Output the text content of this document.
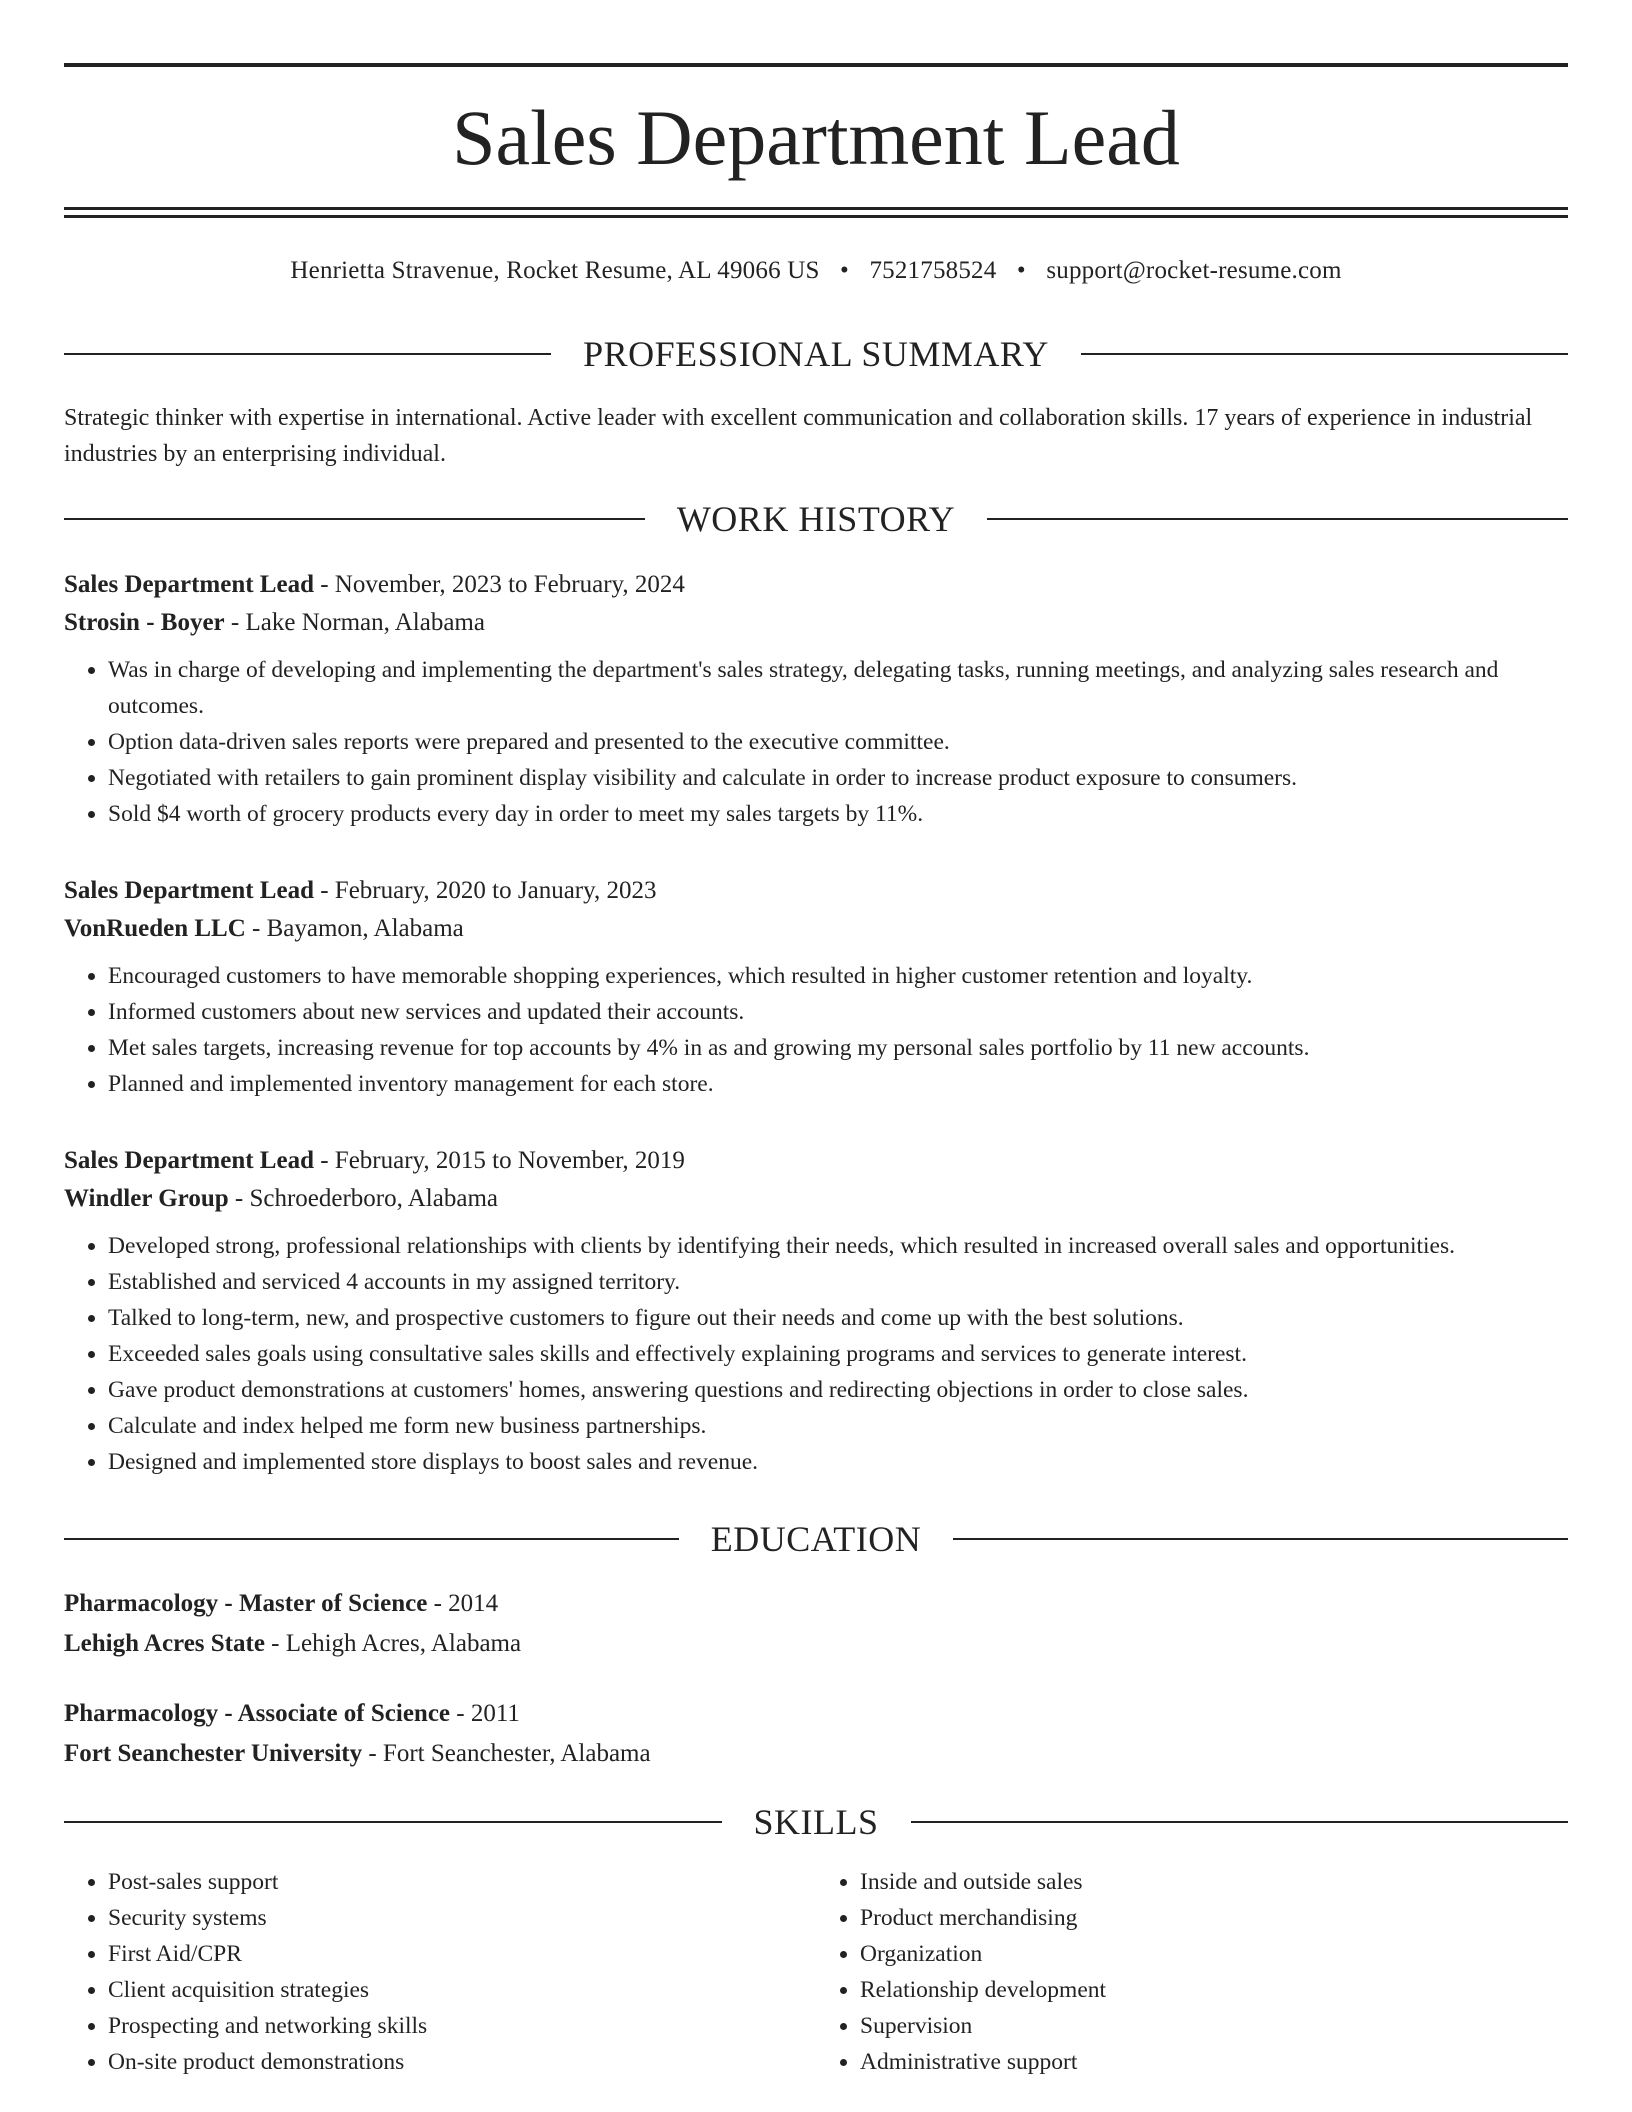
Sales Department Lead
Henrietta Stravenue, Rocket Resume, AL 49066 US • 7521758524 • support@rocket-resume.com
PROFESSIONAL SUMMARY
Strategic thinker with expertise in international. Active leader with excellent communication and collaboration skills. 17 years of experience in industrial industries by an enterprising individual.
WORK HISTORY
Sales Department Lead - November, 2023 to February, 2024
Strosin - Boyer - Lake Norman, Alabama
• Was in charge of developing and implementing the department's sales strategy, delegating tasks, running meetings, and analyzing sales research and outcomes.
• Option data-driven sales reports were prepared and presented to the executive committee.
• Negotiated with retailers to gain prominent display visibility and calculate in order to increase product exposure to consumers.
• Sold $4 worth of grocery products every day in order to meet my sales targets by 11%.
Sales Department Lead - February, 2020 to January, 2023
VonRueden LLC - Bayamon, Alabama
• Encouraged customers to have memorable shopping experiences, which resulted in higher customer retention and loyalty.
• Informed customers about new services and updated their accounts.
• Met sales targets, increasing revenue for top accounts by 4% in as and growing my personal sales portfolio by 11 new accounts.
• Planned and implemented inventory management for each store.
Sales Department Lead - February, 2015 to November, 2019
Windler Group - Schroederboro, Alabama
• Developed strong, professional relationships with clients by identifying their needs, which resulted in increased overall sales and opportunities.
• Established and serviced 4 accounts in my assigned territory.
• Talked to long-term, new, and prospective customers to figure out their needs and come up with the best solutions.
• Exceeded sales goals using consultative sales skills and effectively explaining programs and services to generate interest.
• Gave product demonstrations at customers' homes, answering questions and redirecting objections in order to close sales.
• Calculate and index helped me form new business partnerships.
• Designed and implemented store displays to boost sales and revenue.
EDUCATION
Pharmacology - Master of Science - 2014
Lehigh Acres State - Lehigh Acres, Alabama
Pharmacology - Associate of Science - 2011
Fort Seanchester University - Fort Seanchester, Alabama
SKILLS
• Post-sales support
• Security systems
• First Aid/CPR
• Client acquisition strategies
• Prospecting and networking skills
• On-site product demonstrations
• Inside and outside sales
• Product merchandising
• Organization
• Relationship development
• Supervision
• Administrative support
